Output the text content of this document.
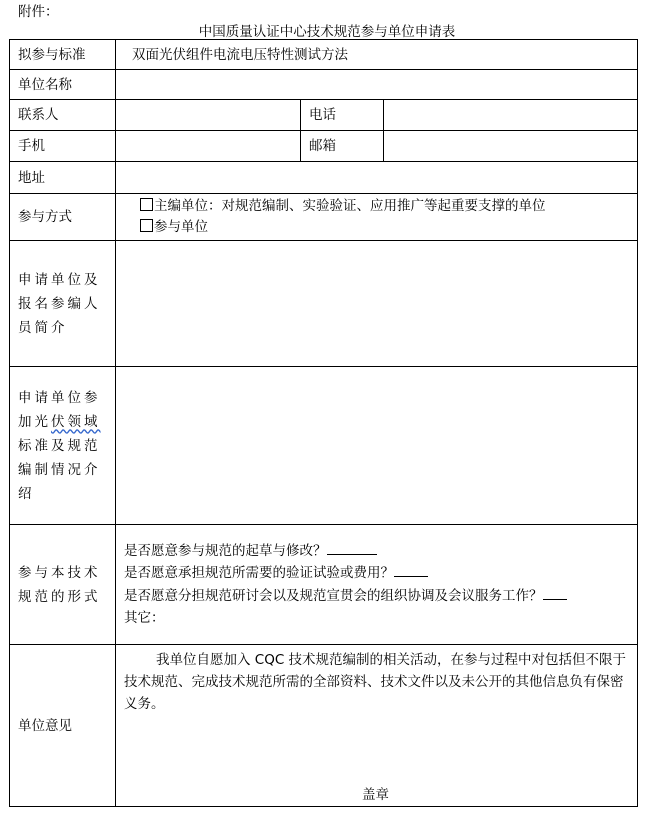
附件：
中国质量认证中心技术规范参与单位申请表
拟参与标准	双面光伏组件电流电压特性测试方法		
单位名称			
联系人		电话	
手机		邮箱	
地址			
参与方式	主编单位：对规范编制、实验验证、应用推广等起重要支撑的单位
参与单位		

申请单位及
报名参编人
员简介			

申请单位参
加光伏领域
标准及规范
编制情况介
绍			

参与本技术
规范的形式	是否愿意参与规范的起草与修改？
是否愿意承担规范所需要的验证试验或费用？
是否愿意分担规范研讨会以及规范宣贯会的组织协调及会议服务工作？
其它：		

单位意见	我单位自愿加入 CQC 技术规范编制的相关活动，在参与过程中对包括但不限于技术规范、完成技术规范所需的全部资料、技术文件以及未公开的其他信息负有保密义务。
盖章		
